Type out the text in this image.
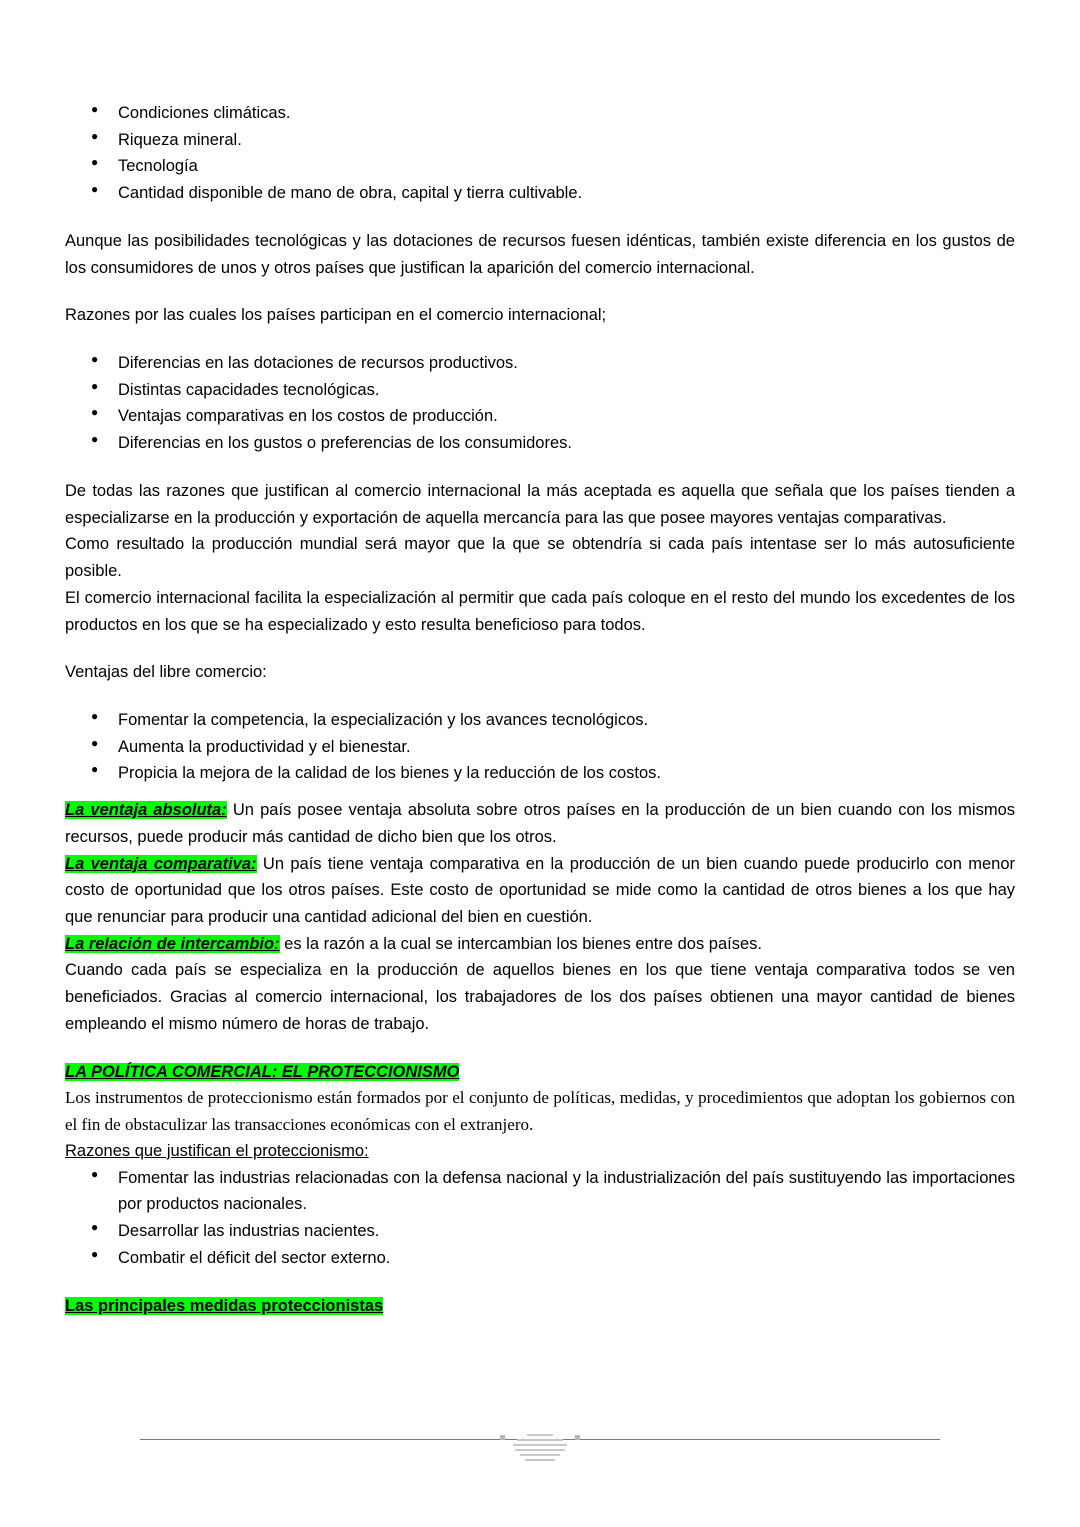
● Condiciones climáticas.
● Riqueza mineral.
● Tecnología
● Cantidad disponible de mano de obra, capital y tierra cultivable.

Aunque las posibilidades tecnológicas y las dotaciones de recursos fuesen idénticas, también existe diferencia en los gustos de los consumidores de unos y otros países que justifican la aparición del comercio internacional.

Razones por las cuales los países participan en el comercio internacional;

● Diferencias en las dotaciones de recursos productivos.
● Distintas capacidades tecnológicas.
● Ventajas comparativas en los costos de producción.
● Diferencias en los gustos o preferencias de los consumidores.

De todas las razones que justifican al comercio internacional la más aceptada es aquella que señala que los países tienden a especializarse en la producción y exportación de aquella mercancía para las que posee mayores ventajas comparativas.

Como resultado la producción mundial será mayor que la que se obtendría si cada país intentase ser lo más autosuficiente posible.

El comercio internacional facilita la especialización al permitir que cada país coloque en el resto del mundo los excedentes de los productos en los que se ha especializado y esto resulta beneficioso para todos.

Ventajas del libre comercio:

● Fomentar la competencia, la especialización y los avances tecnológicos.
● Aumenta la productividad y el bienestar.
● Propicia la mejora de la calidad de los bienes y la reducción de los costos.

La ventaja absoluta: Un país posee ventaja absoluta sobre otros países en la producción de un bien cuando con los mismos recursos, puede producir más cantidad de dicho bien que los otros.

La ventaja comparativa: Un país tiene ventaja comparativa en la producción de un bien cuando puede producirlo con menor costo de oportunidad que los otros países. Este costo de oportunidad se mide como la cantidad de otros bienes a los que hay que renunciar para producir una cantidad adicional del bien en cuestión.

La relación de intercambio: es la razón a la cual se intercambian los bienes entre dos países.

Cuando cada país se especializa en la producción de aquellos bienes en los que tiene ventaja comparativa todos se ven beneficiados. Gracias al comercio internacional, los trabajadores de los dos países obtienen una mayor cantidad de bienes empleando el mismo número de horas de trabajo.

LA POLÍTICA COMERCIAL: EL PROTECCIONISMO

Los instrumentos de proteccionismo están formados por el conjunto de políticas, medidas, y procedimientos que adoptan los gobiernos con el fin de obstaculizar las transacciones económicas con el extranjero.

Razones que justifican el proteccionismo:

● Fomentar las industrias relacionadas con la defensa nacional y la industrialización del país sustituyendo las importaciones por productos nacionales.
● Desarrollar las industrias nacientes.
● Combatir el déficit del sector externo.

Las principales medidas proteccionistas
